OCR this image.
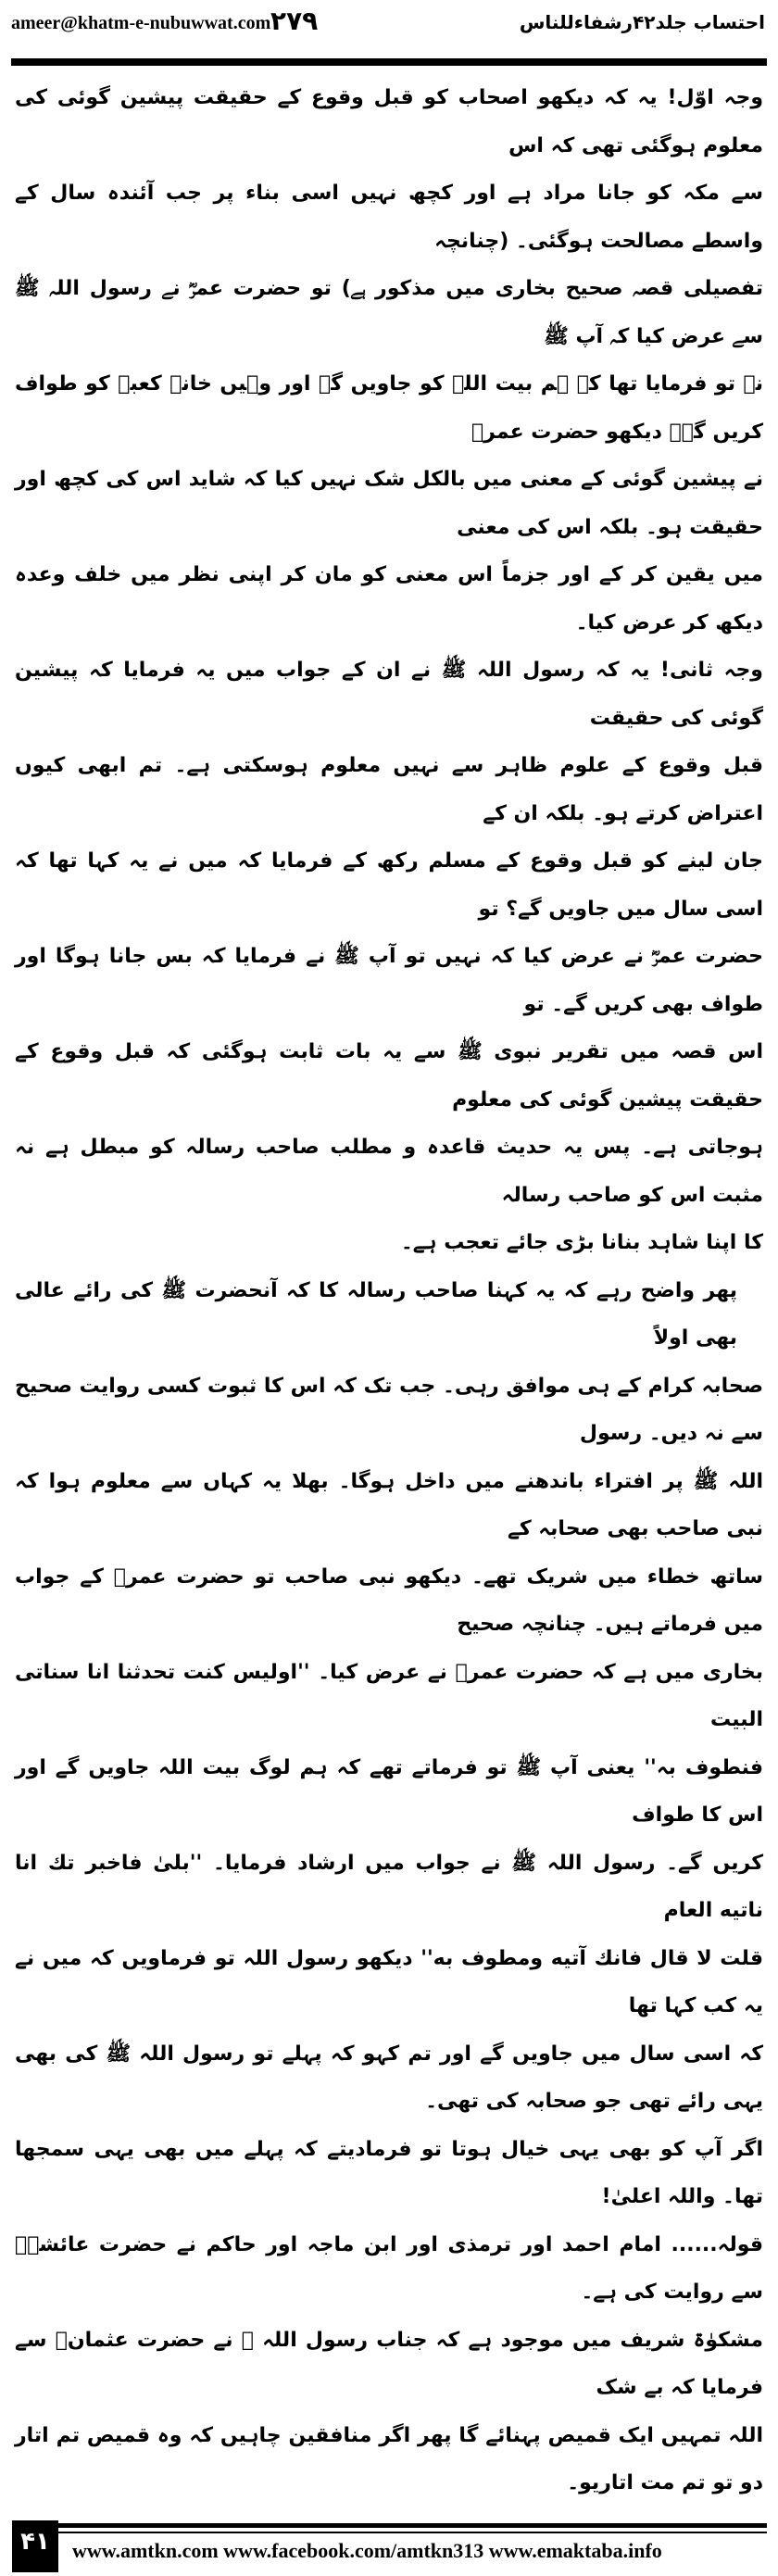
ameer@khatm-e-nubuwwat.com ۲۷۹	احتساب جلد۴۲رشفاءللناس
وجہ اوّل! یہ کہ دیکھو اصحاب کو قبل وقوع کے حقیقت پیشین گوئی کی معلوم ہوگئی تھی کہ اس
سے مکہ کو جانا مراد ہے اور کچھ نہیں اسی بناء پر جب آئندہ سال کے واسطے مصالحت ہوگئی۔ (چنانچہ
تفصیلی قصہ صحیح بخاری میں مذکور ہے) تو حضرت عمرؓ نے رسول اللہ ﷺ سے عرض کیا کہ آپ ﷺ
نے تو فرمایا تھا کہ ہم بیت اللہ کو جاویں گے اور وہیں خانہ کعبہ کو طواف کریں گے۔ دیکھو حضرت عمرؓ
نے پیشین گوئی کے معنی میں بالکل شک نہیں کیا کہ شاید اس کی کچھ اور حقیقت ہو۔ بلکہ اس کی معنی
میں یقین کر کے اور جزماً اس معنی کو مان کر اپنی نظر میں خلف وعدہ دیکھ کر عرض کیا۔
وجہ ثانی! یہ کہ رسول اللہ ﷺ نے ان کے جواب میں یہ فرمایا کہ پیشین گوئی کی حقیقت
قبل وقوع کے علوم ظاہر سے نہیں معلوم ہوسکتی ہے۔ تم ابھی کیوں اعتراض کرتے ہو۔ بلکہ ان کے
جان لینے کو قبل وقوع کے مسلم رکھ کے فرمایا کہ میں نے یہ کہا تھا کہ اسی سال میں جاویں گے؟ تو
حضرت عمرؓ نے عرض کیا کہ نہیں تو آپ ﷺ نے فرمایا کہ بس جانا ہوگا اور طواف بھی کریں گے۔ تو
اس قصہ میں تقریر نبوی ﷺ سے یہ بات ثابت ہوگئی کہ قبل وقوع کے حقیقت پیشین گوئی کی معلوم
ہوجاتی ہے۔ پس یہ حدیث قاعدہ و مطلب صاحب رسالہ کو مبطل ہے نہ مثبت اس کو صاحب رسالہ
کا اپنا شاہد بنانا بڑی جائے تعجب ہے۔
پھر واضح رہے کہ یہ کہنا صاحب رسالہ کا کہ آنحضرت ﷺ کی رائے عالی بھی اولاً
صحابہ کرام کے ہی موافق رہی۔ جب تک کہ اس کا ثبوت کسی روایت صحیح سے نہ دیں۔ رسول
اللہ ﷺ پر افتراء باندھنے میں داخل ہوگا۔ بھلا یہ کہاں سے معلوم ہوا کہ نبی صاحب بھی صحابہ کے
ساتھ خطاء میں شریک تھے۔ دیکھو نبی صاحب تو حضرت عمرؓ کے جواب میں فرماتے ہیں۔ چنانچہ صحیح
بخاری میں ہے کہ حضرت عمرؓ نے عرض کیا۔ ''اولیس کنت تحدثنا انا سناتی البیت
فنطوف بہ'' یعنی آپ ﷺ تو فرماتے تھے کہ ہم لوگ بیت اللہ جاویں گے اور اس کا طواف
کریں گے۔ رسول اللہ ﷺ نے جواب میں ارشاد فرمایا۔ ''بلیٰ فاخبر تك انا ناتیه العام
قلت لا قال فانك آتیه ومطوف به'' دیکھو رسول اللہ تو فرماویں کہ میں نے یہ کب کہا تھا
کہ اسی سال میں جاویں گے اور تم کہو کہ پہلے تو رسول اللہ ﷺ کی بھی یہی رائے تھی جو صحابہ کی تھی۔
اگر آپ کو بھی یہی خیال ہوتا تو فرمادیتے کہ پہلے میں بھی یہی سمجھا تھا۔ واللہ اعلیٰ!
قولہ...... امام احمد اور ترمذی اور ابن ماجہ اور حاکم نے حضرت عائشہؓ سے روایت کی ہے۔
مشکوٰۃ شریف میں موجود ہے کہ جناب رسول اللہ ﷺ نے حضرت عثمانؓ سے فرمایا کہ بے شک
اللہ تمہیں ایک قمیص پہنائے گا پھر اگر منافقین چاہیں کہ وہ قمیص تم اتار دو تو تم مت اتاریو۔
۴۱	www.amtkn.com www.facebook.com/amtkn313 www.emaktaba.info
